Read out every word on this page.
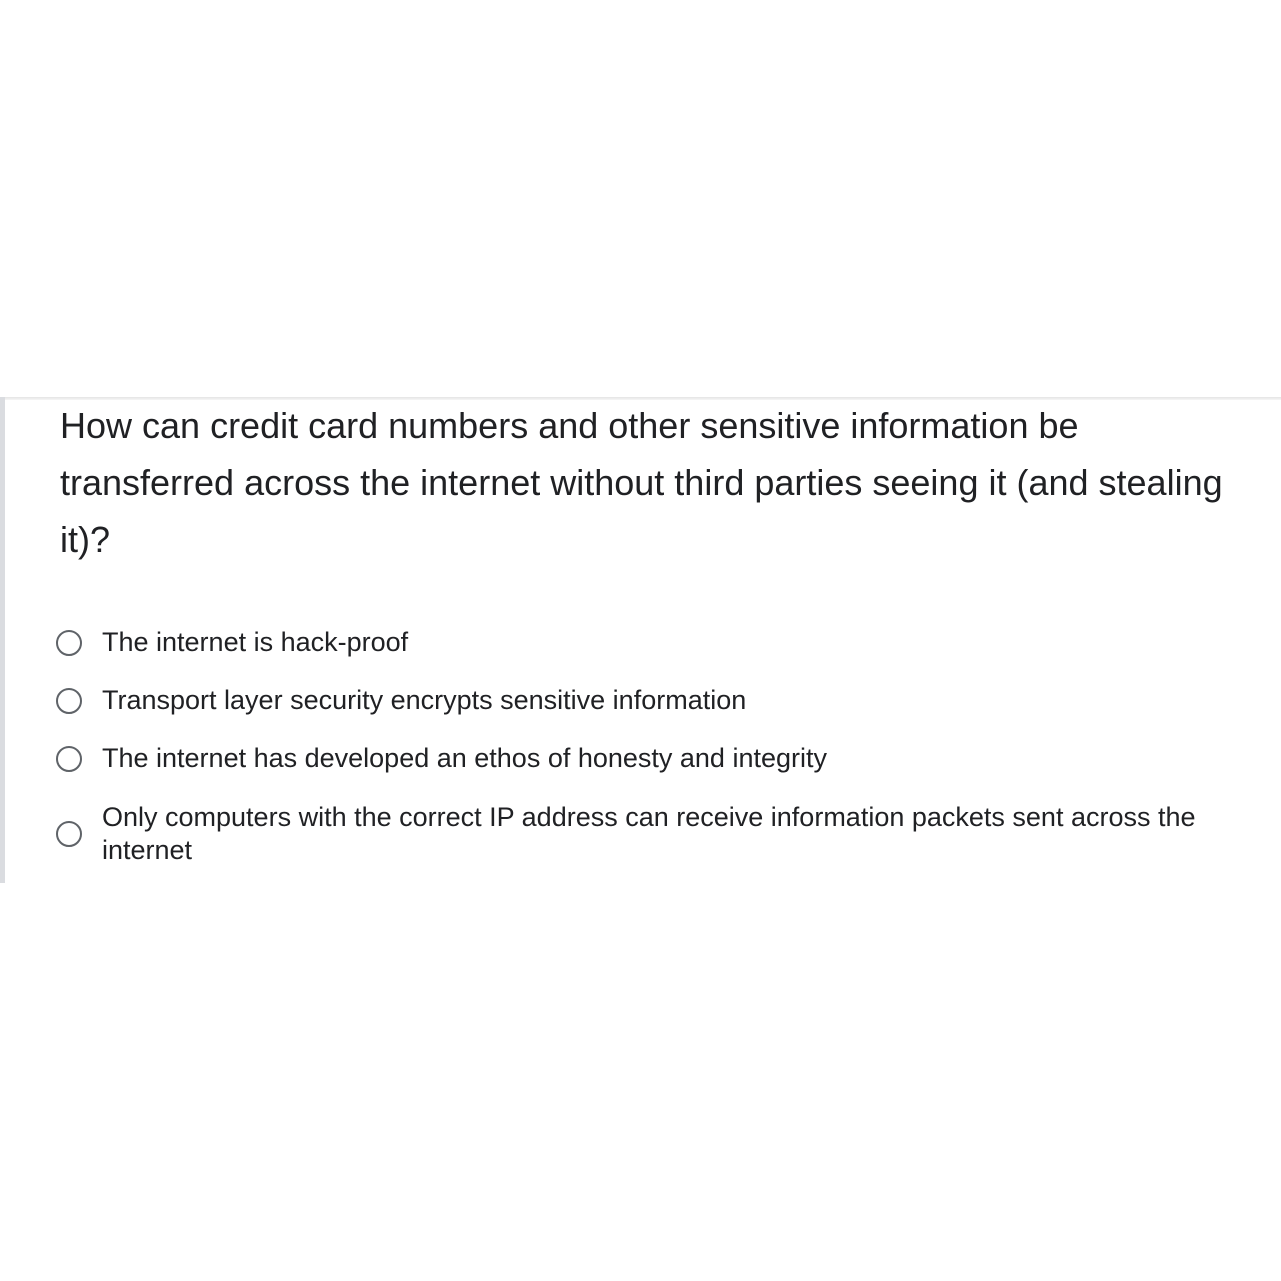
How can credit card numbers and other sensitive information be transferred across the internet without third parties seeing it (and stealing it)?
The internet is hack-proof
Transport layer security encrypts sensitive information
The internet has developed an ethos of honesty and integrity
Only computers with the correct IP address can receive information packets sent across the internet
